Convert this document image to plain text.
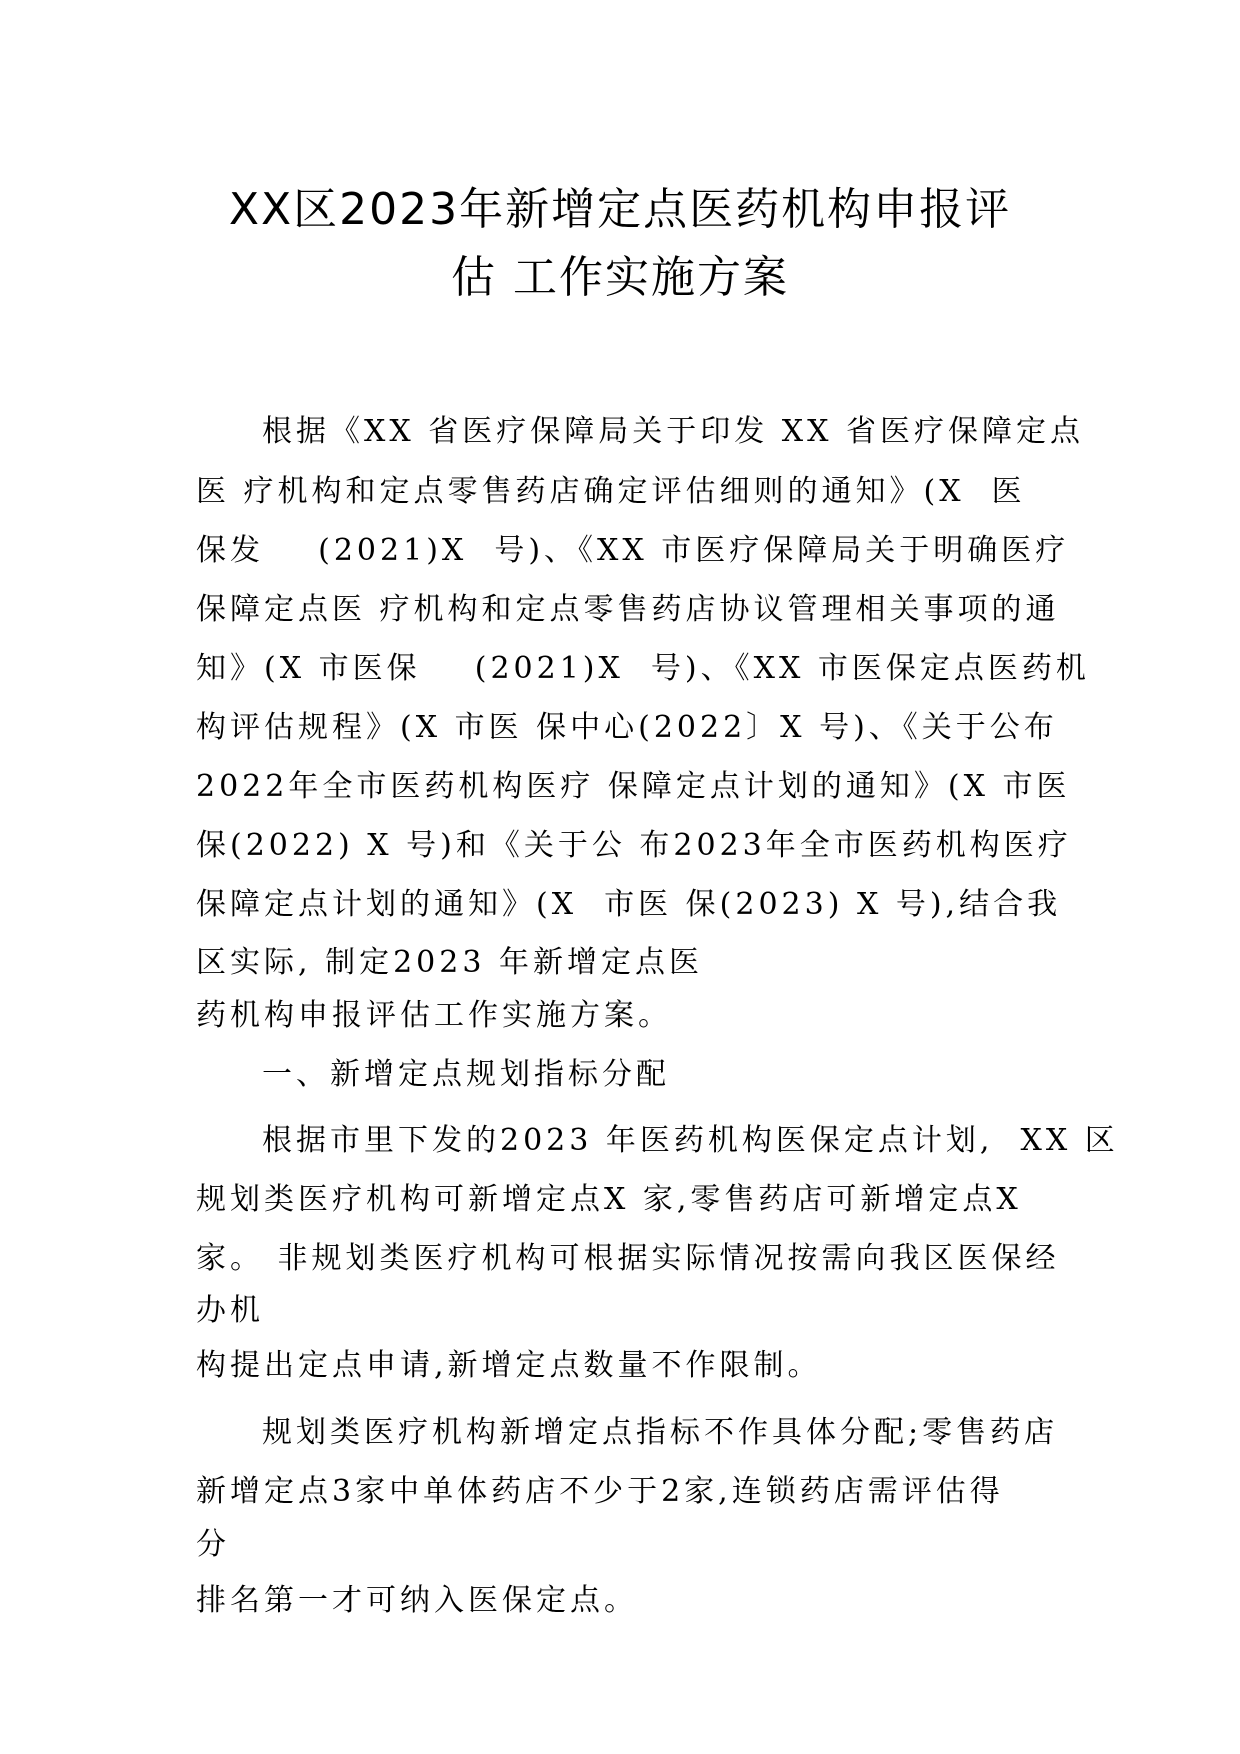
XX区2023年新增定点医药机构申报评
估 工作实施方案
根据《XX 省医疗保障局关于印发 XX 省医疗保障定点
医 疗机构和定点零售药店确定评估细则的通知》(X  医
保发    (2021)X  号)、《XX 市医疗保障局关于明确医疗
保障定点医 疗机构和定点零售药店协议管理相关事项的通
知》(X 市医保    (2021)X  号)、《XX 市医保定点医药机
构评估规程》(X 市医 保中心(2022〕X 号)、《关于公布
2022年全市医药机构医疗 保障定点计划的通知》(X 市医
保(2022) X 号)和《关于公 布2023年全市医药机构医疗
保障定点计划的通知》(X  市医 保(2023) X 号),结合我
区实际, 制定2023 年新增定点医
药机构申报评估工作实施方案。
一、新增定点规划指标分配
根据市里下发的2023 年医药机构医保定点计划,  XX 区
规划类医疗机构可新增定点X 家,零售药店可新增定点X
家。 非规划类医疗机构可根据实际情况按需向我区医保经
办机
构提出定点申请,新增定点数量不作限制。
规划类医疗机构新增定点指标不作具体分配;零售药店
新增定点3家中单体药店不少于2家,连锁药店需评估得
分
排名第一才可纳入医保定点。
